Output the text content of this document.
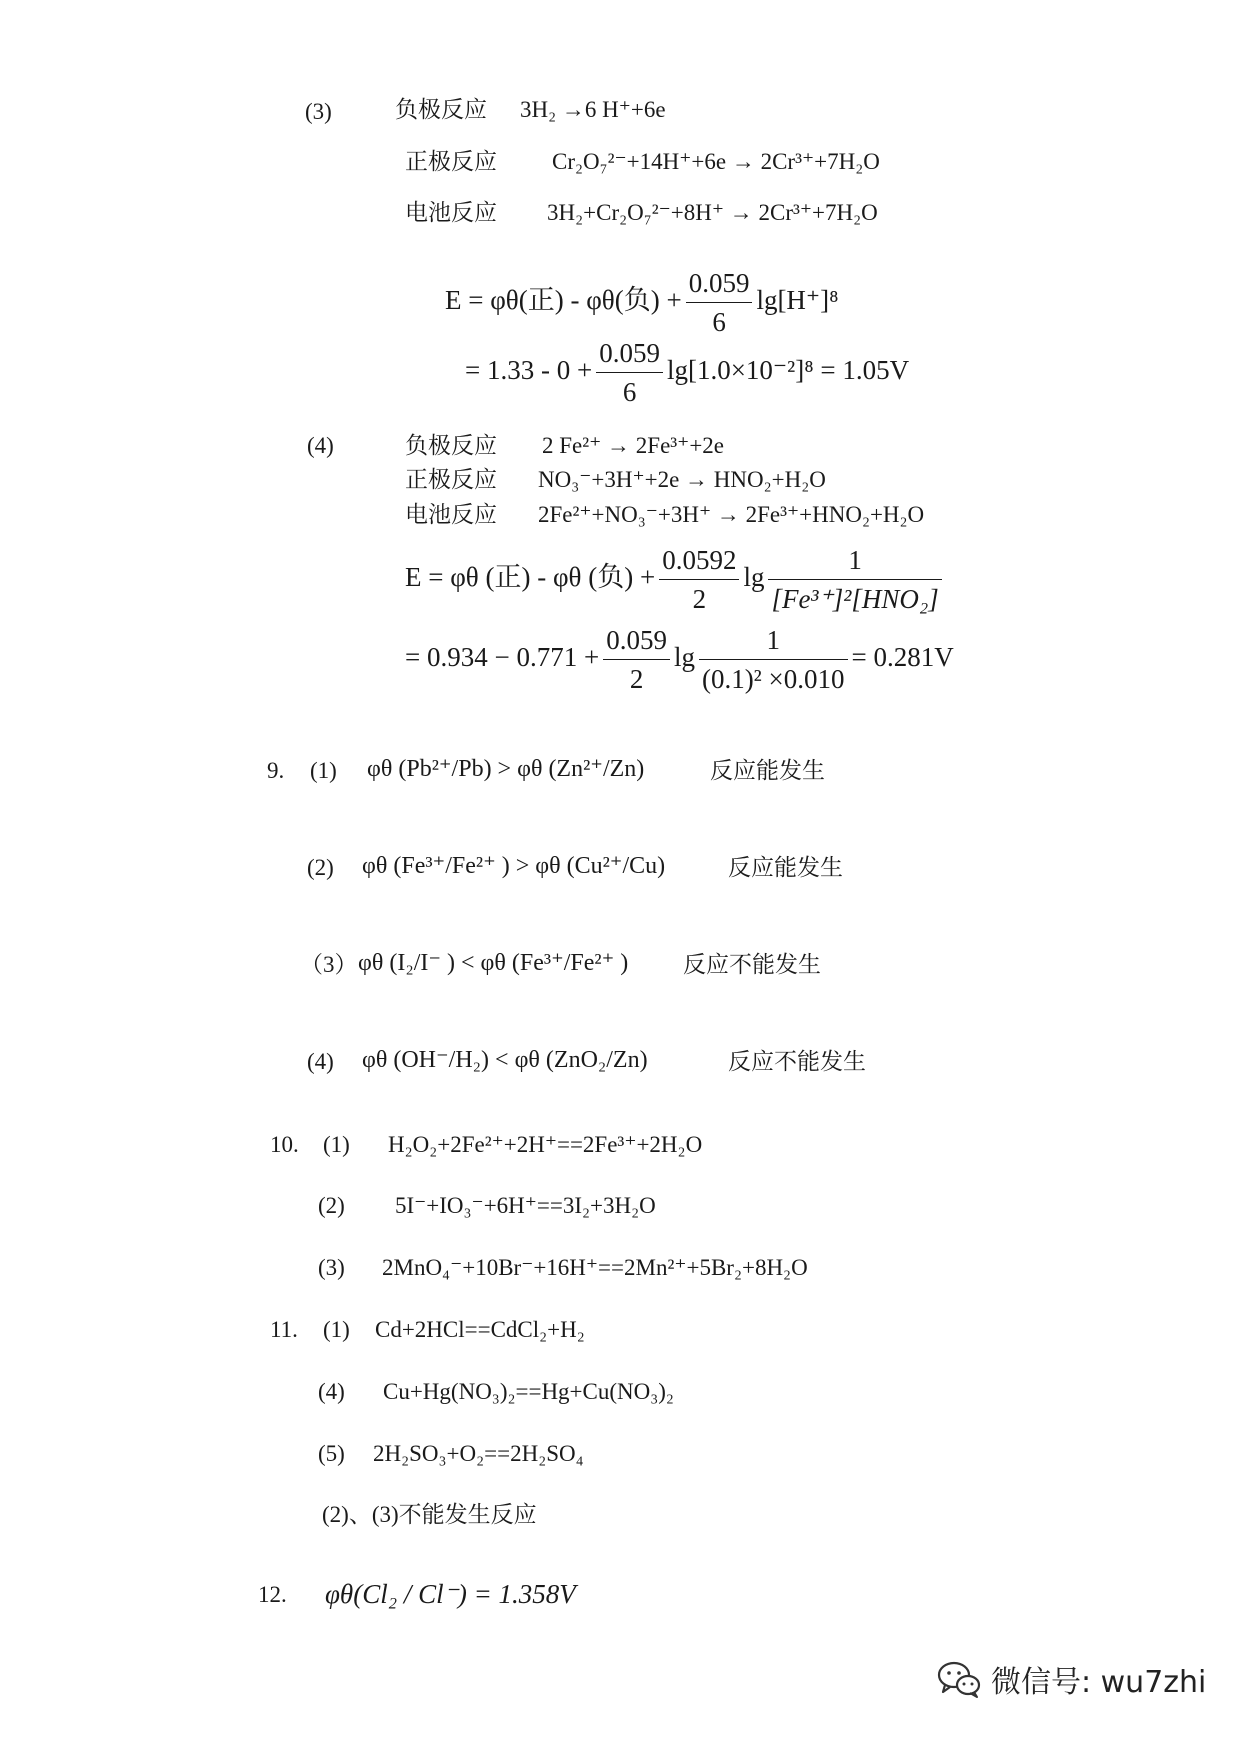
(3)	负极反应 3H₂ →6 H⁺+6e
正极反应 Cr₂O₇²⁻+14H⁺+6e → 2Cr³⁺+7H₂O
电池反应 3H₂+Cr₂O₇²⁻+8H⁺ → 2Cr³⁺+7H₂O
E = φθ(正) - φθ(负) + $\frac{0.059}{6} \lg[H^+]^8$
= $1.33 - 0 + \frac{0.059}{6} \lg[1.0\times 10^{-2}]^8 = 1.05V$
(4)	负极反应 2 Fe²⁺ → 2Fe³⁺+2e
正极反应 NO₃⁻+3H⁺+2e → HNO₂+H₂O
电池反应 2Fe²⁺+NO₃⁻+3H⁺ → 2Fe³⁺+HNO₂+H₂O
E = φθ (正) - φθ (负) + $\frac{0.0592}{2}$ $\lg \frac{1}{\text{[Fe³⁺]²[HNO₂]}}$
= $0.934 - 0.771 + \frac{0.059}{2}$ $\lg \frac{1}{\text{(0.1)² ×0.010}} = 0.281V$
9. (1) φθ (Pb²⁺/Pb) > φθ (Zn²⁺/Zn)	反应能发生
(2) φθ (Fe³⁺/Fe²⁺ ) > φθ (Cu²⁺/Cu)	反应能发生
（3） φθ (I₂/I⁻ ) < φθ (Fe³⁺/Fe²⁺ ) 反应不能发生
(4) φθ (OH⁻/H₂) < φθ (ZnO₂/Zn)	反应不能发生
10. (1) H₂O₂+2Fe²⁺+2H⁺==2Fe³⁺+2H₂O
(2) 5I⁻+IO₃⁻+6H⁺==3I₂+3H₂O
(3) 2MnO₄⁻+10Br⁻+16H⁺==2Mn²⁺+5Br₂+8H₂O
11. (1) Cd+2HCl==CdCl₂+H₂
(4) Cu+Hg(NO₃)₂==Hg+Cu(NO₃)₂
(5) 2H₂SO₃+O₂==2H₂SO₄
(2)、(3)不能发生反应
12. φθ(Cl₂ / Cl⁻) = 1.358V
微信号: wu7zhi
